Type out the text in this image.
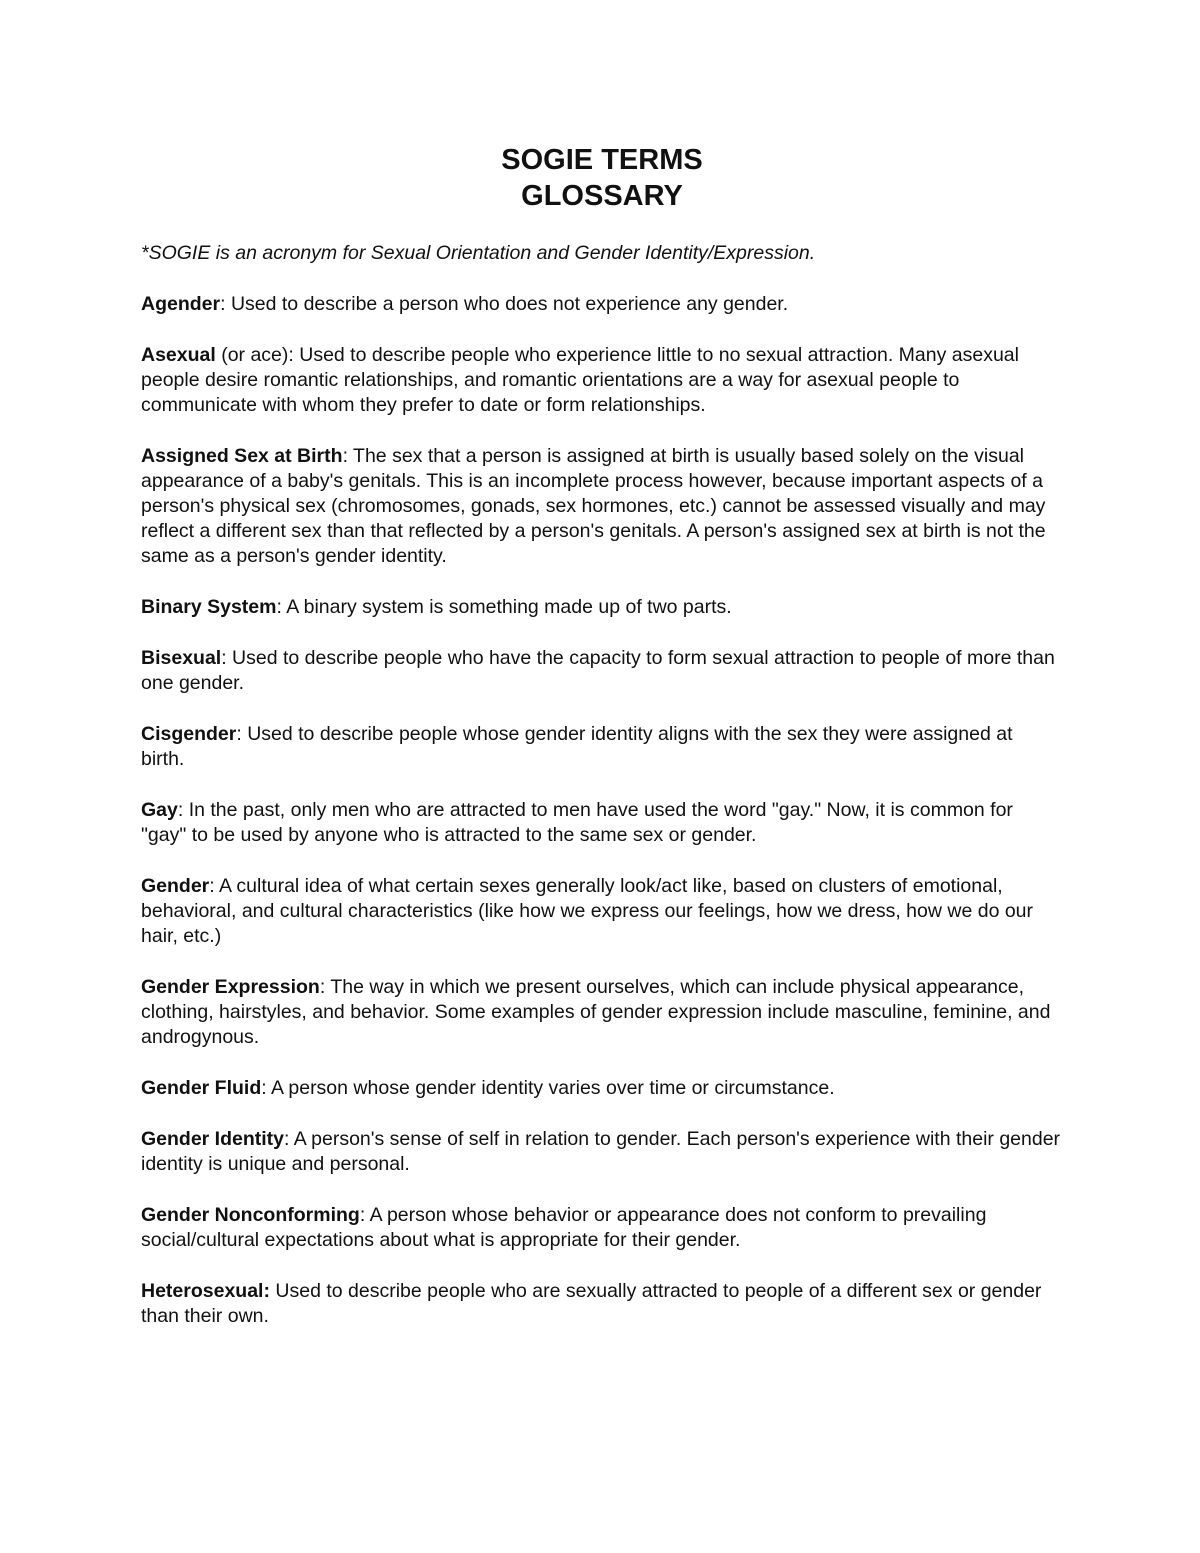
SOGIE TERMS
GLOSSARY

*SOGIE is an acronym for Sexual Orientation and Gender Identity/Expression.

Agender: Used to describe a person who does not experience any gender.

Asexual (or ace): Used to describe people who experience little to no sexual attraction. Many asexual people desire romantic relationships, and romantic orientations are a way for asexual people to communicate with whom they prefer to date or form relationships.

Assigned Sex at Birth: The sex that a person is assigned at birth is usually based solely on the visual appearance of a baby's genitals. This is an incomplete process however, because important aspects of a person's physical sex (chromosomes, gonads, sex hormones, etc.) cannot be assessed visually and may reflect a different sex than that reflected by a person's genitals. A person's assigned sex at birth is not the same as a person's gender identity.

Binary System: A binary system is something made up of two parts.

Bisexual: Used to describe people who have the capacity to form sexual attraction to people of more than one gender.

Cisgender: Used to describe people whose gender identity aligns with the sex they were assigned at birth.

Gay: In the past, only men who are attracted to men have used the word "gay." Now, it is common for "gay" to be used by anyone who is attracted to the same sex or gender.

Gender: A cultural idea of what certain sexes generally look/act like, based on clusters of emotional, behavioral, and cultural characteristics (like how we express our feelings, how we dress, how we do our hair, etc.)

Gender Expression: The way in which we present ourselves, which can include physical appearance, clothing, hairstyles, and behavior. Some examples of gender expression include masculine, feminine, and androgynous.

Gender Fluid: A person whose gender identity varies over time or circumstance.

Gender Identity: A person's sense of self in relation to gender. Each person's experience with their gender identity is unique and personal.

Gender Nonconforming: A person whose behavior or appearance does not conform to prevailing social/cultural expectations about what is appropriate for their gender.

Heterosexual: Used to describe people who are sexually attracted to people of a different sex or gender than their own.
